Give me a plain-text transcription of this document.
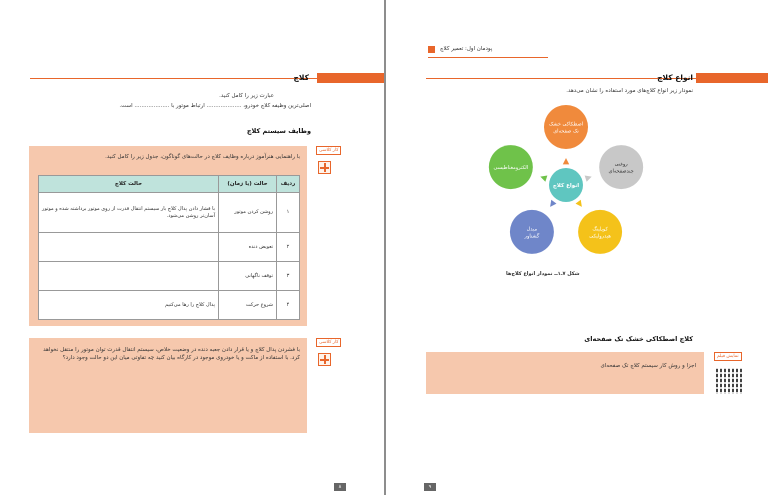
کلاچ
عبارت زیر را کامل کنید.
اصلی‌ترین وظیفه کلاچ خودرو، .................... ارتباط موتور با .................... است.
وظایف سیستم کلاچ
کار کلاسی
با راهنمایی هنرآموز درباره وظایف کلاچ در حالت‌های گوناگون، جدول زیر را کامل کنید.
ردیف	حالت (یا زمان)	حالت کلاچ
۱	روشن کردن موتور	با فشار دادن پدال کلاچ بار سیستم انتقال قدرت از روی موتور برداشته شده و موتور آسان‌تر روشن می‌شود.
۲	تعویض دنده	
۳	توقف ناگهانی	
۴	شروع حرکت	پدال کلاچ را رها می‌کنیم
کار کلاسی
با فشردن پدال کلاچ و یا قرار دادن جعبه دنده در وضعیت خلاص، سیستم انتقال قدرت توان موتور را منتقل نخواهد کرد. با استفاده از ماکت و یا خودروی موجود در کارگاه بیان کنید چه تفاوتی میان این دو حالت وجود دارد؟
۸
پودمان اول: تعمیر کلاچ
انواع کلاچ
نمودار زیر انواع کلاچ‌های مورد استفاده را نشان می‌دهد.
اصطکاکی خشک
تک صفحه‌ای
روغنی
چندصفحه‌ای
کوپلینگ
هیدرولیکی
مبدل
گشتاور
الکترومغناطیسی
انواع کلاچ
شکل ۷ـ۱ــ نمودار انواع کلاچ‌ها
کلاچ اصطکاکی خشک تک صفحه‌ای
نمایش فیلم
اجزا و روش کار سیستم کلاچ تک صفحه‌ای
۹
